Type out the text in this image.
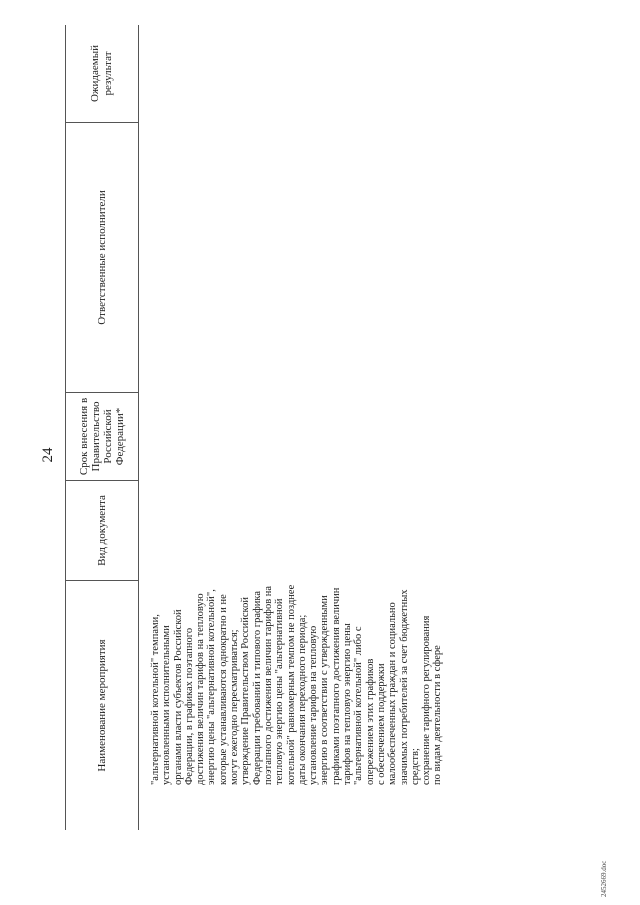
24
Наименование мероприятия
Вид документа
Срок внесения в Правительство Российской Федерации*
Ответственные исполнители
Ожидаемый результат
"альтернативной котельной" темпами, установленными исполнительными органами власти субъектов Российской Федерации, в графиках поэтапного достижения величин тарифов на тепловую энергию цены "альтернативной котельной", которые устанавливаются однократно и не могут ежегодно пересматриваться; утверждение Правительством Российской Федерации требований и типового графика поэтапного достижения величин тарифов на тепловую энергию цены "альтернативной котельной" равномерным темпом не позднее даты окончания переходного периода; установление тарифов на тепловую энергию в соответствии с утвержденными графиками поэтапного достижения величин тарифов на тепловую энергию цены "альтернативной котельной" либо с опережением этих графиков с обеспечением поддержки малообеспеченных граждан и социально значимых потребителей за счет бюджетных средств; сохранение тарифного регулирования по видам деятельности в сфере
2452669.doc
